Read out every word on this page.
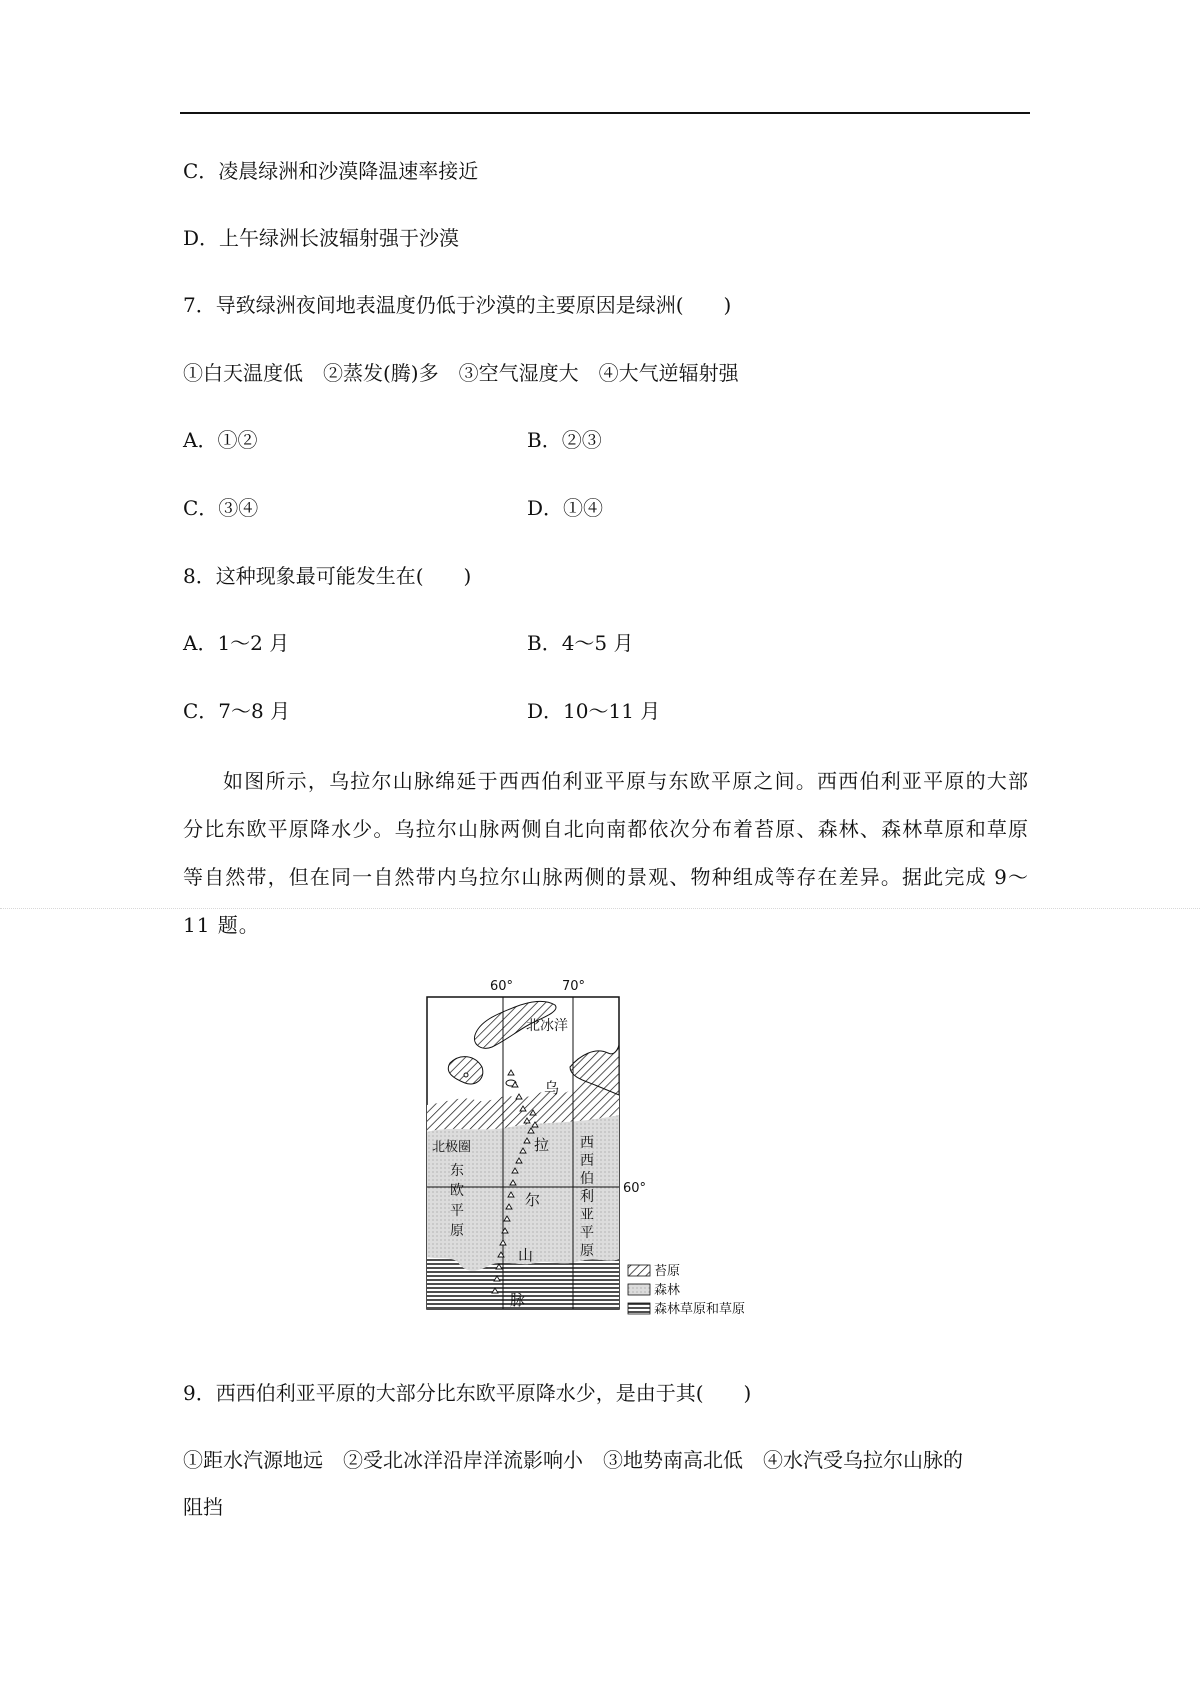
C．凌晨绿洲和沙漠降温速率接近
D．上午绿洲长波辐射强于沙漠
7．导致绿洲夜间地表温度仍低于沙漠的主要原因是绿洲(　　)
①白天温度低　②蒸发(腾)多　③空气湿度大　④大气逆辐射强
A．①②	B．②③
C．③④	D．①④
8．这种现象最可能发生在(　　)
A．1～2 月	B．4～5 月
C．7～8 月	D．10～11 月
如图所示，乌拉尔山脉绵延于西西伯利亚平原与东欧平原之间。西西伯利亚平原的大部分比东欧平原降水少。乌拉尔山脉两侧自北向南都依次分布着苔原、森林、森林草原和草原等自然带，但在同一自然带内乌拉尔山脉两侧的景观、物种组成等存在差异。据此完成 9～11 题。
60°	70°
60°
北冰洋
北极圈
东
欧
平
原
西
西
伯
利
亚
平
原
乌
拉
尔
山
脉
苔原
森林
森林草原和草原
9．西西伯利亚平原的大部分比东欧平原降水少，是由于其(　　)
①距水汽源地远　②受北冰洋沿岸洋流影响小　③地势南高北低　④水汽受乌拉尔山脉的
阻挡
